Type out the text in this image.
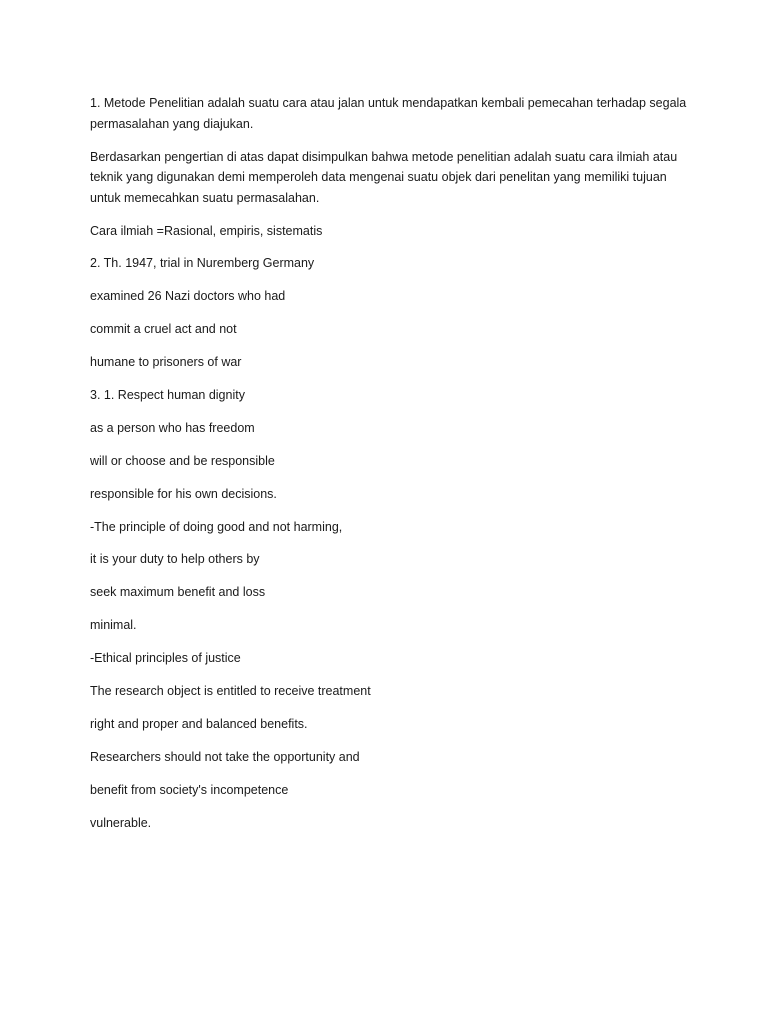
1. Metode Penelitian adalah suatu cara atau jalan untuk mendapatkan kembali pemecahan terhadap segala permasalahan yang diajukan.

Berdasarkan pengertian di atas dapat disimpulkan bahwa metode penelitian adalah suatu cara ilmiah atau teknik yang digunakan demi memperoleh data mengenai suatu objek dari penelitan yang memiliki tujuan untuk memecahkan suatu permasalahan.

Cara ilmiah =Rasional, empiris, sistematis

2. Th. 1947, trial in Nuremberg Germany

examined 26 Nazi doctors who had

commit a cruel act and not

humane to prisoners of war

3. 1. Respect human dignity

as a person who has freedom

will or choose and be responsible

responsible for his own decisions.

-The principle of doing good and not harming,

it is your duty to help others by

seek maximum benefit and loss

minimal.

-Ethical principles of justice

The research object is entitled to receive treatment

right and proper and balanced benefits.

Researchers should not take the opportunity and

benefit from society's incompetence

vulnerable.
